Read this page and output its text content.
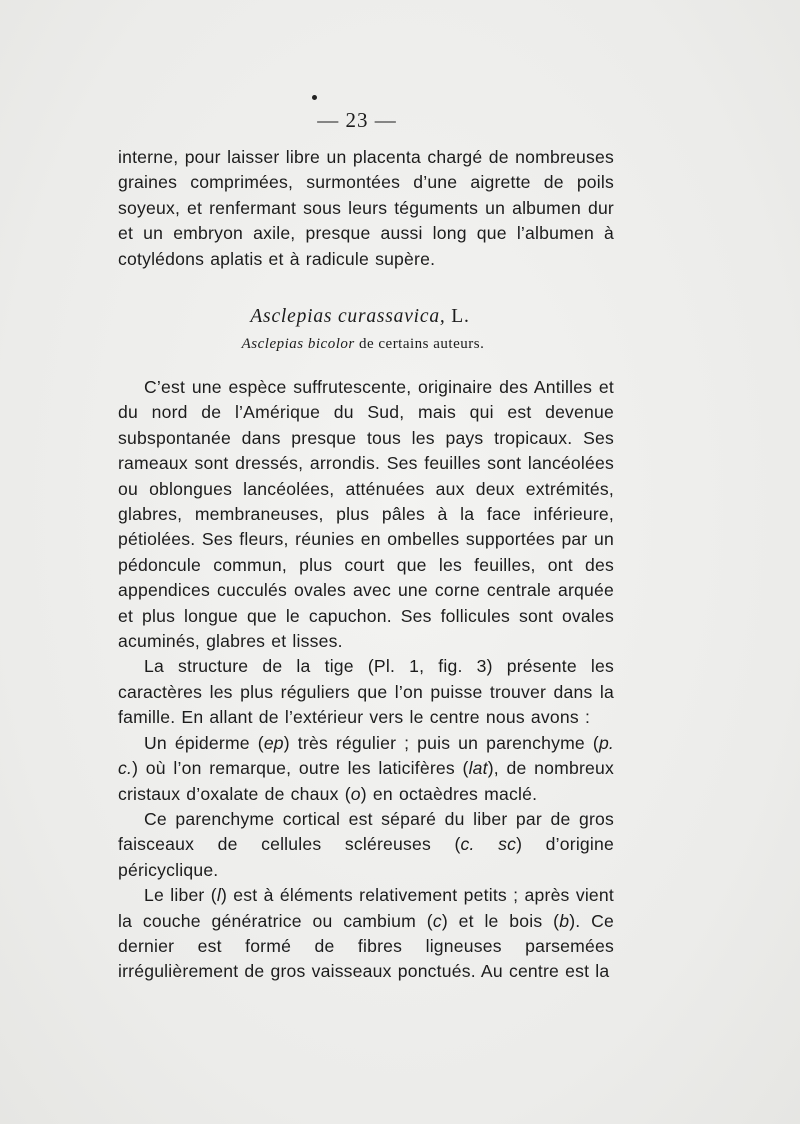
— 23 —

interne, pour laisser libre un placenta chargé de nombreuses graines comprimées, surmontées d’une aigrette de poils soyeux, et renfermant sous leurs téguments un albumen dur et un embryon axile, presque aussi long que l’albumen à cotylédons aplatis et à radicule supère.

Asclepias curassavica, L.
Asclepias bicolor de certains auteurs.

C’est une espèce suffrutescente, originaire des Antilles et du nord de l’Amérique du Sud, mais qui est devenue subspontanée dans presque tous les pays tropicaux. Ses rameaux sont dressés, arrondis. Ses feuilles sont lancéolées ou oblongues lancéolées, atténuées aux deux extrémités, glabres, membraneuses, plus pâles à la face inférieure, pétiolées. Ses fleurs, réunies en ombelles supportées par un pédoncule commun, plus court que les feuilles, ont des appendices cucculés ovales avec une corne centrale arquée et plus longue que le capuchon. Ses follicules sont ovales acuminés, glabres et lisses.

La structure de la tige (Pl. 1, fig. 3) présente les caractères les plus réguliers que l’on puisse trouver dans la famille. En allant de l’extérieur vers le centre nous avons :

Un épiderme (ep) très régulier ; puis un parenchyme (p. c.) où l’on remarque, outre les laticifères (lat), de nombreux cristaux d’oxalate de chaux (o) en octaèdres maclé.

Ce parenchyme cortical est séparé du liber par de gros faisceaux de cellules scléreuses (c. sc) d’origine péricyclique.

Le liber (l) est à éléments relativement petits ; après vient la couche génératrice ou cambium (c) et le bois (b). Ce dernier est formé de fibres ligneuses parsemées irrégulièrement de gros vaisseaux ponctués. Au centre est la
